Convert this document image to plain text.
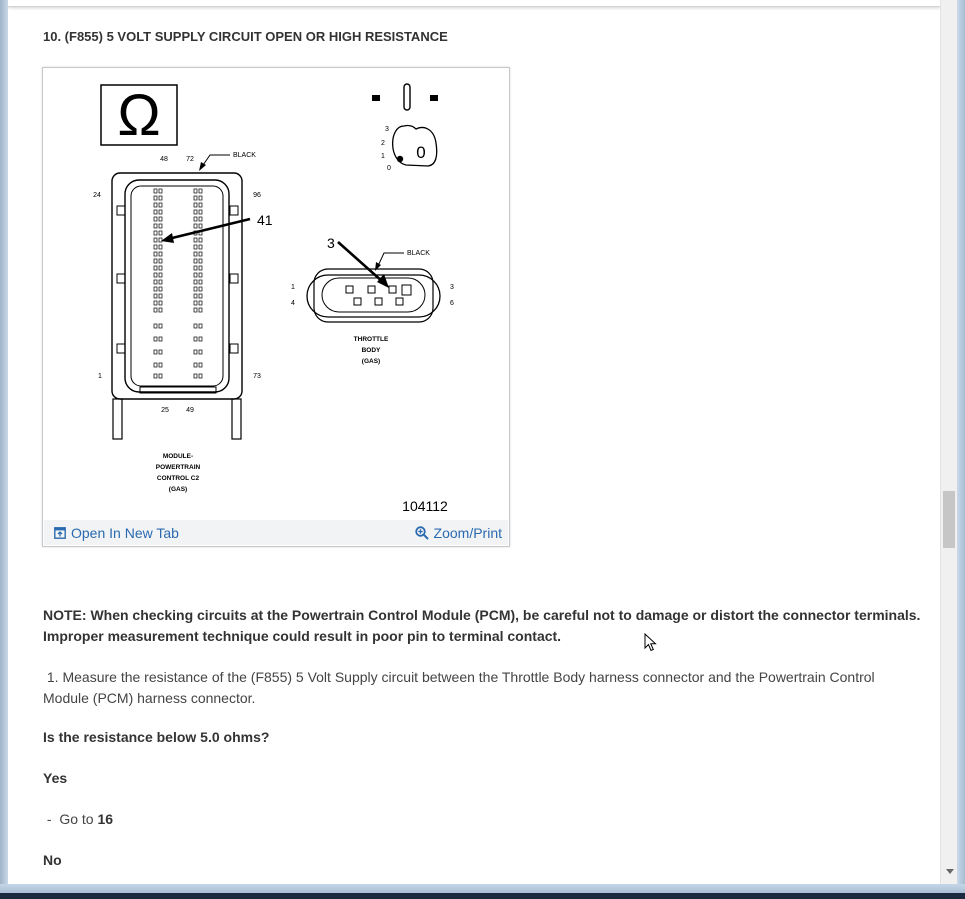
10. (F855) 5 VOLT SUPPLY CIRCUIT OPEN OR HIGH RESISTANCE
Ω
48	72
24	96
1	73
25 49
BLACK
41
MODULE-
POWERTRAIN
CONTROL C2
(GAS)
3
2
1
0
0
1
4
3
6
BLACK
3
THROTTLE
BODY
(GAS)
104112
Open In New Tab	Zoom/Print
NOTE: When checking circuits at the Powertrain Control Module (PCM), be careful not to damage or distort the connector terminals.
Improper measurement technique could result in poor pin to terminal contact.
1. Measure the resistance of the (F855) 5 Volt Supply circuit between the Throttle Body harness connector and the Powertrain Control
Module (PCM) harness connector.
Is the resistance below 5.0 ohms?
Yes
-  Go to 16
No
